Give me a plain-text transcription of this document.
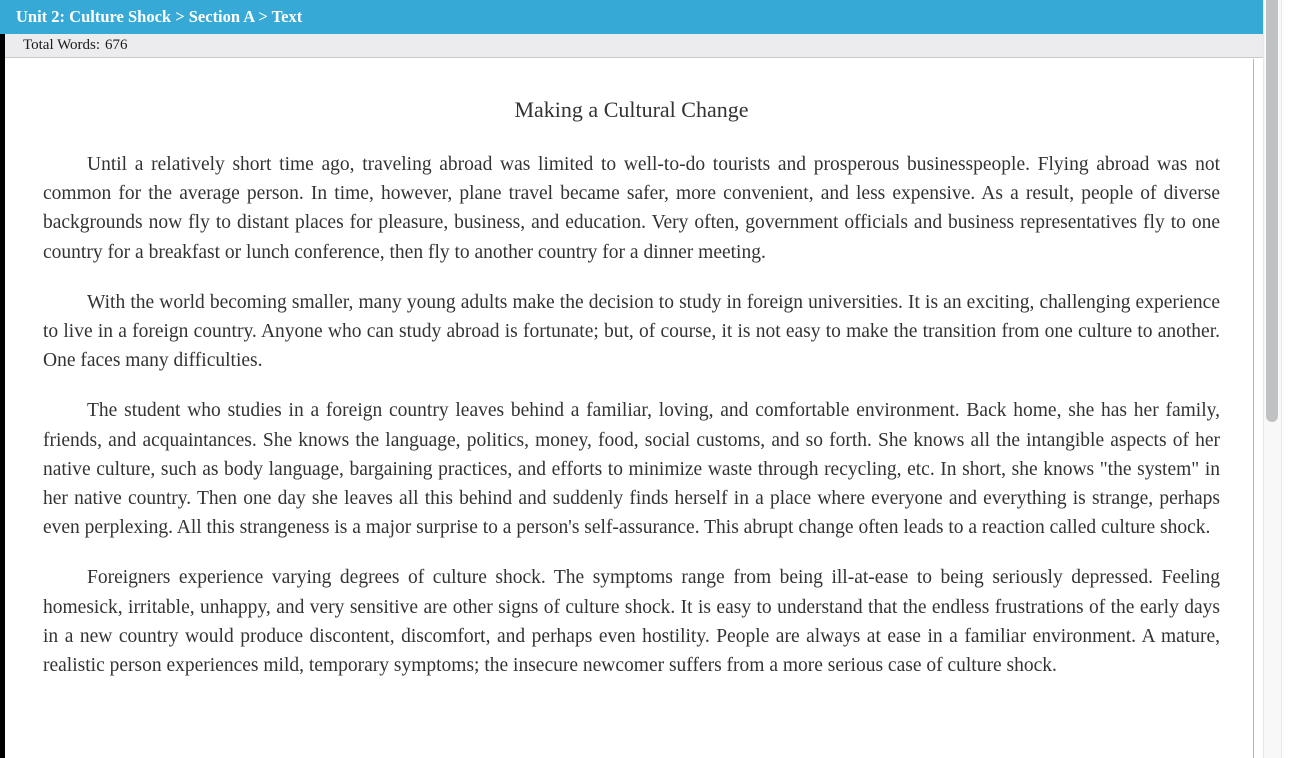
Unit 2: Culture Shock > Section A > Text
Total Words: 676
Making a Cultural Change

Until a relatively short time ago, traveling abroad was limited to well-to-do tourists and prosperous businesspeople. Flying abroad was not common for the average person. In time, however, plane travel became safer, more convenient, and less expensive. As a result, people of diverse backgrounds now fly to distant places for pleasure, business, and education. Very often, government officials and business representatives fly to one country for a breakfast or lunch conference, then fly to another country for a dinner meeting.

With the world becoming smaller, many young adults make the decision to study in foreign universities. It is an exciting, challenging experience to live in a foreign country. Anyone who can study abroad is fortunate; but, of course, it is not easy to make the transition from one culture to another. One faces many difficulties.

The student who studies in a foreign country leaves behind a familiar, loving, and comfortable environment. Back home, she has her family, friends, and acquaintances. She knows the language, politics, money, food, social customs, and so forth. She knows all the intangible aspects of her native culture, such as body language, bargaining practices, and efforts to minimize waste through recycling, etc. In short, she knows "the system" in her native country. Then one day she leaves all this behind and suddenly finds herself in a place where everyone and everything is strange, perhaps even perplexing. All this strangeness is a major surprise to a person's self-assurance. This abrupt change often leads to a reaction called culture shock.

Foreigners experience varying degrees of culture shock. The symptoms range from being ill-at-ease to being seriously depressed. Feeling homesick, irritable, unhappy, and very sensitive are other signs of culture shock. It is easy to understand that the endless frustrations of the early days in a new country would produce discontent, discomfort, and perhaps even hostility. People are always at ease in a familiar environment. A mature, realistic person experiences mild, temporary symptoms; the insecure newcomer suffers from a more serious case of culture shock.
